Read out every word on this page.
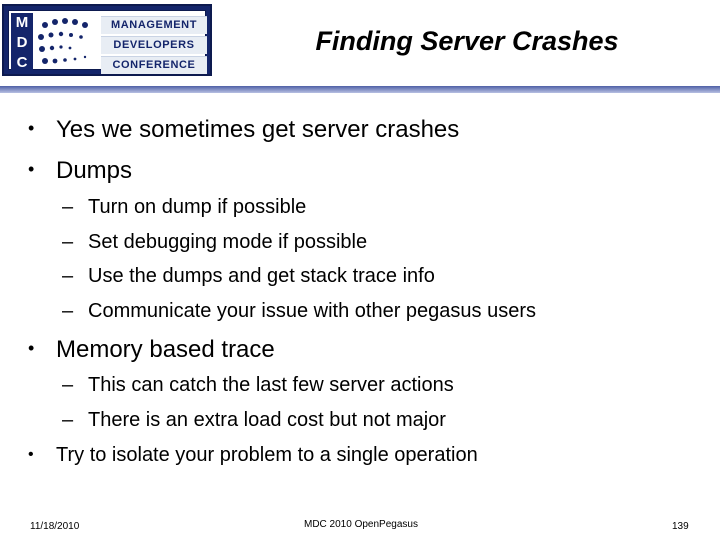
M
D
C
MANAGEMENT
DEVELOPERS
CONFERENCE
Finding Server Crashes
• Yes we sometimes get server crashes
• Dumps
– Turn on dump if possible
– Set debugging mode if possible
– Use the dumps and get stack trace info
– Communicate your issue with other pegasus users
• Memory based trace
– This can catch the last few server actions
– There is an extra load cost but not major
• Try to isolate your problem to a single operation
11/18/2010	MDC 2010 OpenPegasus	139
